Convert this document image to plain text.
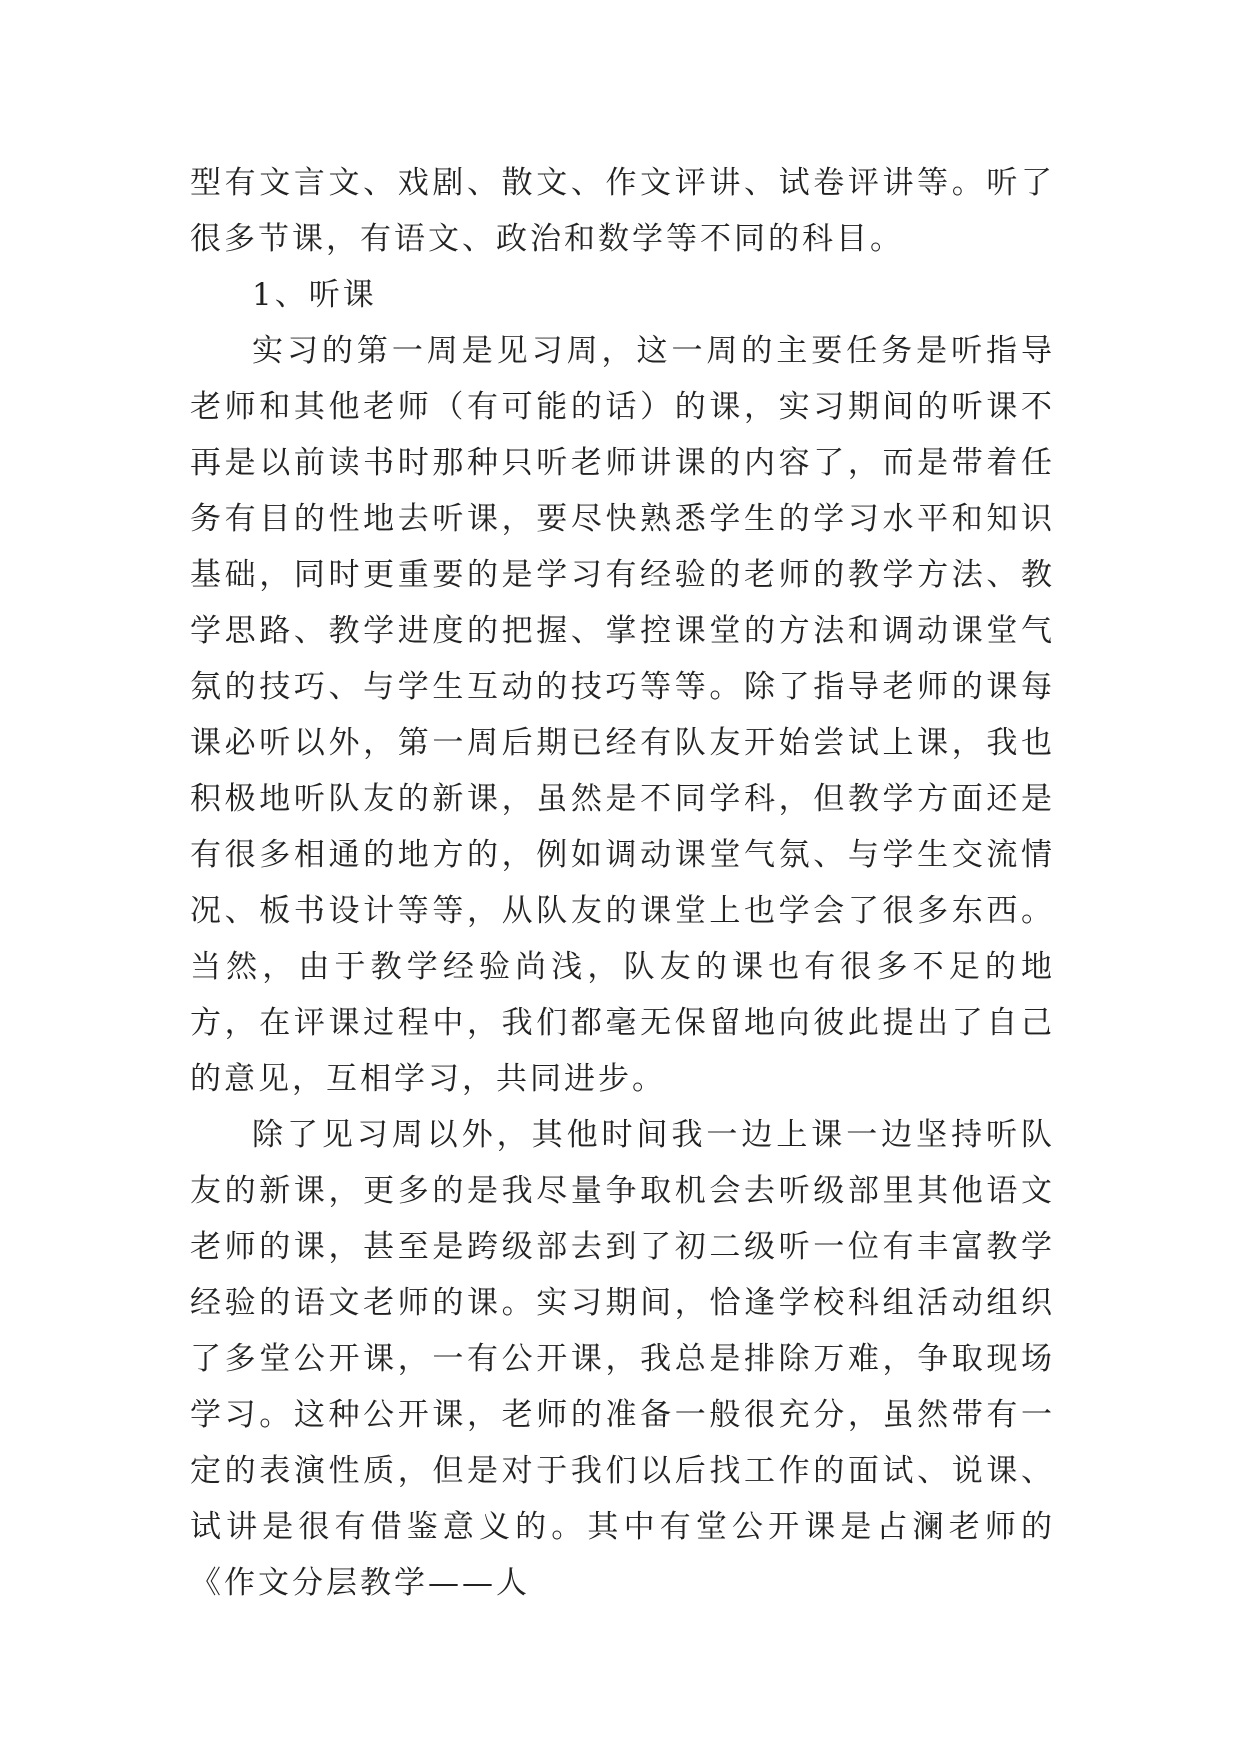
型有文言文、戏剧、散文、作文评讲、试卷评讲等。听了很多节课，有语文、政治和数学等不同的科目。

1、听课

实习的第一周是见习周，这一周的主要任务是听指导老师和其他老师（有可能的话）的课，实习期间的听课不再是以前读书时那种只听老师讲课的内容了，而是带着任务有目的性地去听课，要尽快熟悉学生的学习水平和知识基础，同时更重要的是学习有经验的老师的教学方法、教学思路、教学进度的把握、掌控课堂的方法和调动课堂气氛的技巧、与学生互动的技巧等等。除了指导老师的课每课必听以外，第一周后期已经有队友开始尝试上课，我也积极地听队友的新课，虽然是不同学科，但教学方面还是有很多相通的地方的，例如调动课堂气氛、与学生交流情况、板书设计等等，从队友的课堂上也学会了很多东西。当然，由于教学经验尚浅，队友的课也有很多不足的地方，在评课过程中，我们都毫无保留地向彼此提出了自己的意见，互相学习，共同进步。

除了见习周以外，其他时间我一边上课一边坚持听队友的新课，更多的是我尽量争取机会去听级部里其他语文老师的课，甚至是跨级部去到了初二级听一位有丰富教学经验的语文老师的课。实习期间，恰逢学校科组活动组织了多堂公开课，一有公开课，我总是排除万难，争取现场学习。这种公开课，老师的准备一般很充分，虽然带有一定的表演性质，但是对于我们以后找工作的面试、说课、试讲是很有借鉴意义的。其中有堂公开课是占澜老师的《作文分层教学——人
